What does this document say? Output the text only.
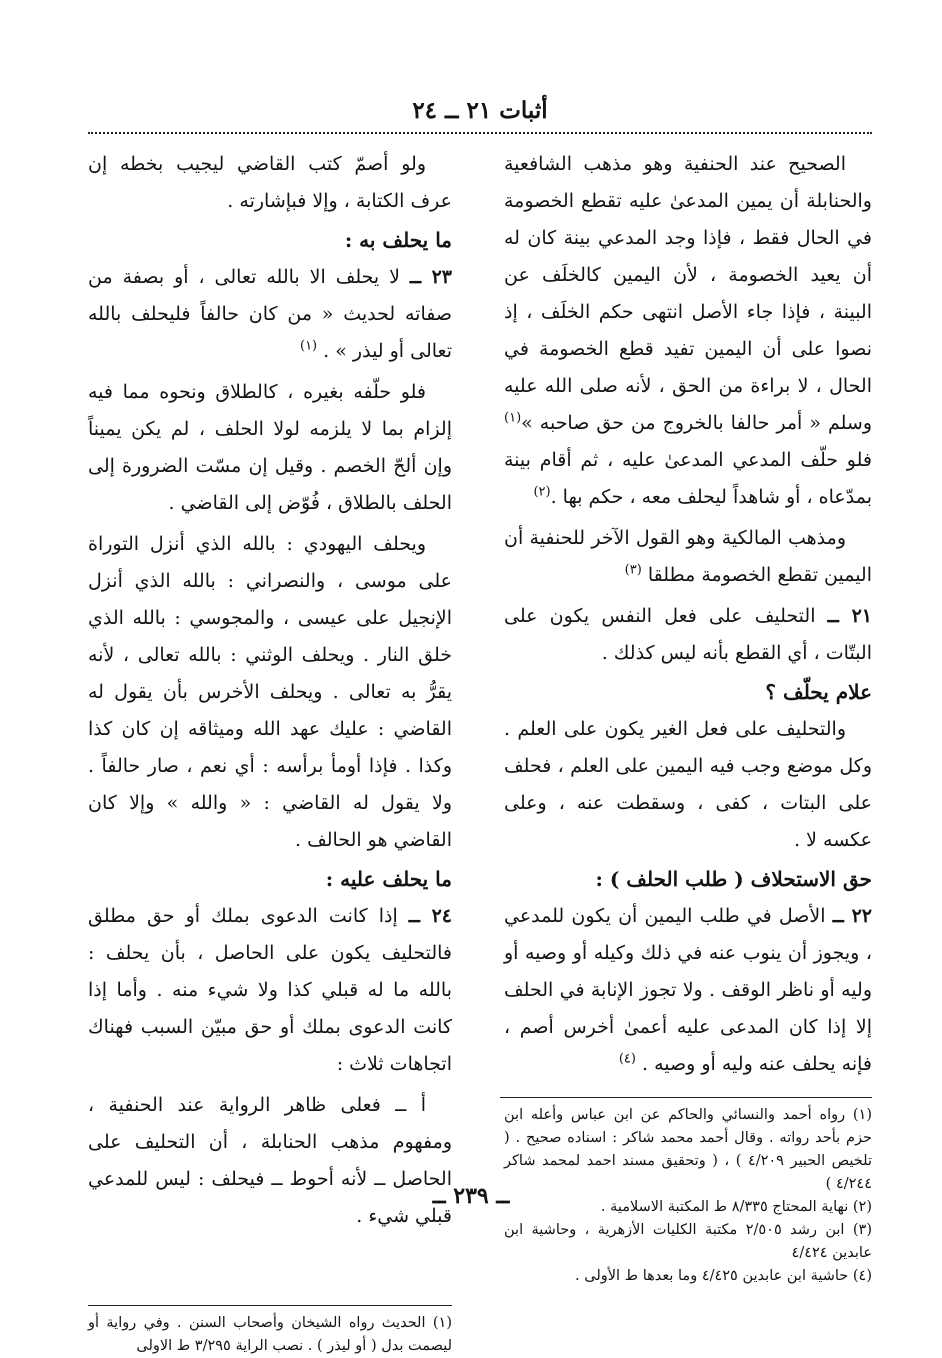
أثبات ٢١ ــ ٢٤

الصحيح عند الحنفية وهو مذهب الشافعية والحنابلة أن يمين المدعىٰ عليه تقطع الخصومة في الحال فقط ، فإذا وجد المدعي بينة كان له أن يعيد الخصومة ، لأن اليمين كالخلَف عن البينة ، فإذا جاء الأصل انتهى حكم الخلَف ، إذ نصوا على أن اليمين تفيد قطع الخصومة في الحال ، لا براءة من الحق ، لأنه صلى الله عليه وسلم « أمر حالفا بالخروج من حق صاحبه »$^{(١)}$ فلو حلّف المدعي المدعىٰ عليه ، ثم أقام بينة بمدّعاه ، أو شاهداً ليحلف معه ، حكم بها .$^{(٢)}$

ومذهب المالكية وهو القول الآخر للحنفية أن اليمين تقطع الخصومة مطلقا $^{(٣)}$

٢١ ــ التحليف على فعل النفس يكون على البتّات ، أي القطع بأنه ليس كذلك .

علام يحلّف ؟

والتحليف على فعل الغير يكون على العلم . وكل موضع وجب فيه اليمين على العلم ، فحلف على البتات ، كفى ، وسقطت عنه ، وعلى عكسه لا .

حق الاستحلاف ( طلب الحلف ) :

٢٢ ــ الأصل في طلب اليمين أن يكون للمدعي ، ويجوز أن ينوب عنه في ذلك وكيله أو وصيه أو وليه أو ناظر الوقف . ولا تجوز الإنابة في الحلف إلا إذا كان المدعى عليه أعمىٰ أخرس أصم ، فإنه يحلف عنه وليه أو وصيه . $^{(٤)}$

(١) رواه أحمد والنسائي والحاكم عن ابن عباس وأعله ابن حزم بأحد رواته . وقال أحمد محمد شاكر : اسناده صحيح . ( تلخيص الحبير ٤/٢٠٩ ) ، ( وتحقيق مسند احمد لمحمد شاكر ٤/٢٤٤ )

(٢) نهاية المحتاج ٨/٣٣٥ ط المكتبة الاسلامية .

(٣) ابن رشد ٢/٥٠٥ مكتبة الكليات الأزهرية ، وحاشية ابن عابدين ٤/٤٢٤

(٤) حاشية ابن عابدين ٤/٤٢٥ وما بعدها ط الأولى .

ولو أصمّ كتب القاضي ليجيب بخطه إن عرف الكتابة ، وإلا فبإشارته .

ما يحلف به :

٢٣ ــ لا يحلف الا بالله تعالى ، أو بصفة من صفاته لحديث « من كان حالفاً فليحلف بالله تعالى أو ليذر » . $^{(١)}$

فلو حلّفه بغيره ، كالطلاق ونحوه مما فيه إلزام بما لا يلزمه لولا الحلف ، لم يكن يميناً وإن ألحّ الخصم . وقيل إن مسّت الضرورة إلى الحلف بالطلاق ، فُوّض إلى القاضي .

ويحلف اليهودي : بالله الذي أنزل التوراة على موسى ، والنصراني : بالله الذي أنزل الإنجيل على عيسى ، والمجوسي : بالله الذي خلق النار . ويحلف الوثني : بالله تعالى ، لأنه يقرُّ به تعالى . ويحلف الأخرس بأن يقول له القاضي : عليك عهد الله وميثاقه إن كان كذا وكذا . فإذا أومأ برأسه : أي نعم ، صار حالفاً . ولا يقول له القاضي : « والله » وإلا كان القاضي هو الحالف .

ما يحلف عليه :

٢٤ ــ إذا كانت الدعوى بملك أو حق مطلق فالتحليف يكون على الحاصل ، بأن يحلف : بالله ما له قبلي كذا ولا شيء منه . وأما إذا كانت الدعوى بملك أو حق مبيّن السبب فهناك اتجاهات ثلاث :

أ ــ فعلى ظاهر الرواية عند الحنفية ، ومفهوم مذهب الحنابلة ، أن التحليف على الحاصل ــ لأنه أحوط ــ فيحلف : ليس للمدعي قبلي شيء .

(١) الحديث رواه الشيخان وأصحاب السنن . وفي رواية أو ليصمت بدل ( أو ليذر ) . نصب الراية ٣/٢٩٥ ط الاولى

ــ ٢٣٩ ــ
